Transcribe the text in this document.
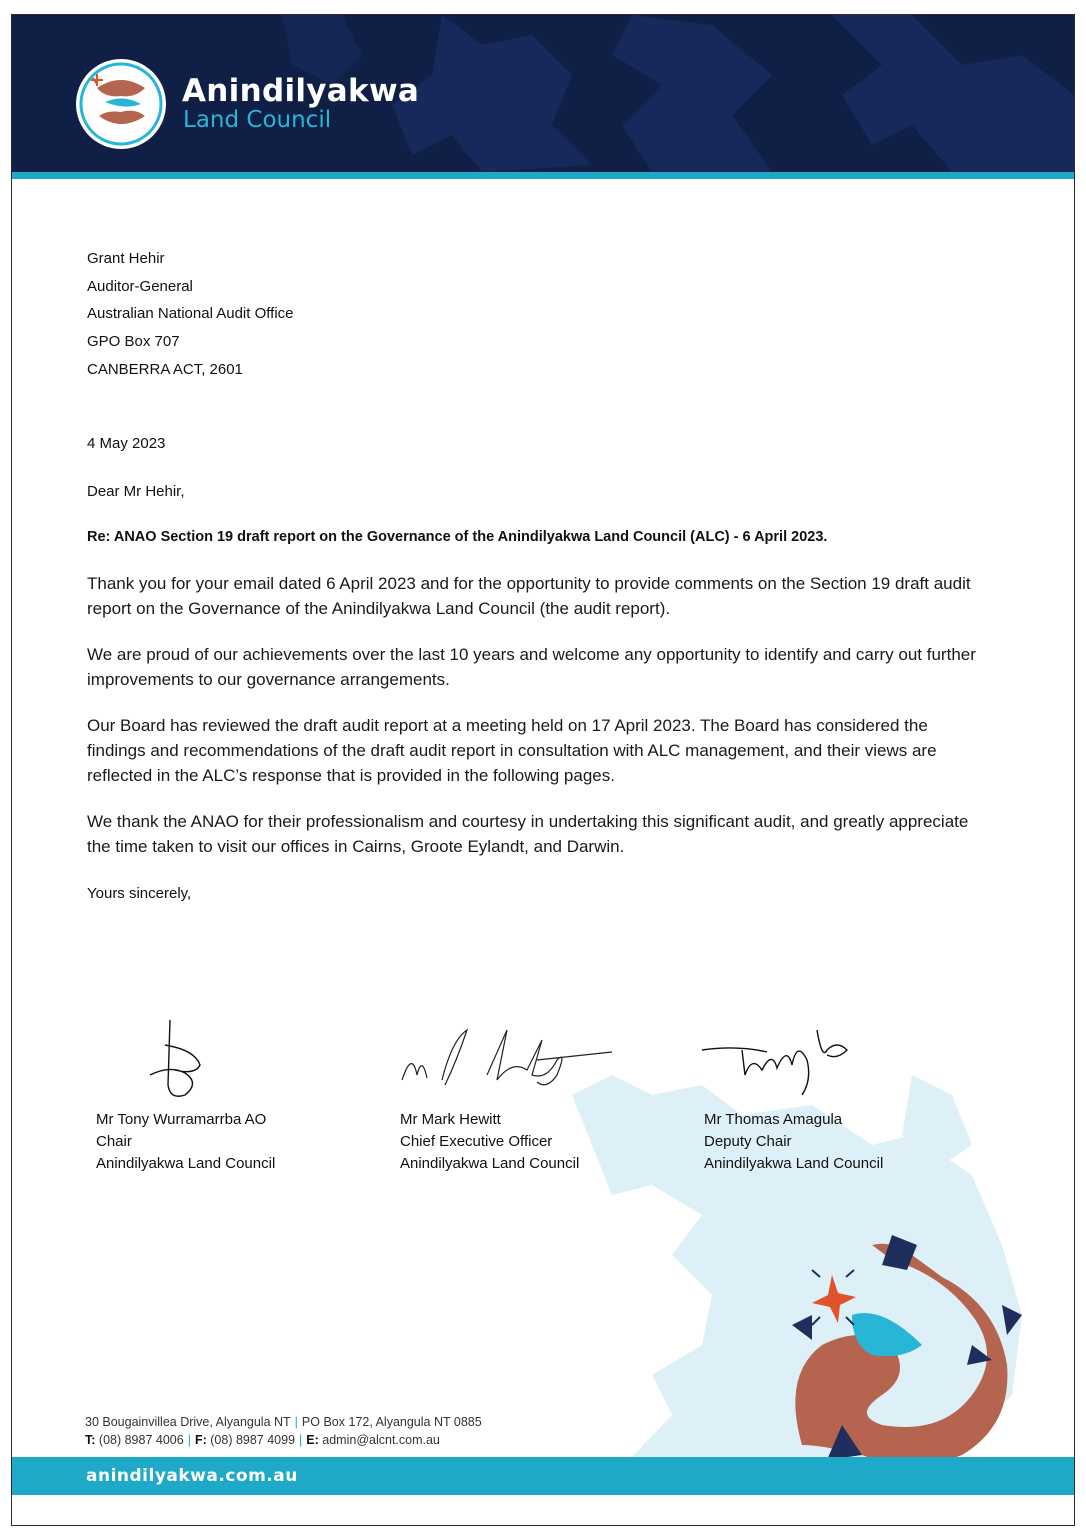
Anindilyakwa
Land Council
Grant Hehir
Auditor-General
Australian National Audit Office
GPO Box 707
CANBERRA ACT, 2601
4 May 2023
Dear Mr Hehir,
Re: ANAO Section 19 draft report on the Governance of the Anindilyakwa Land Council (ALC) - 6 April 2023.
Thank you for your email dated 6 April 2023 and for the opportunity to provide comments on the Section 19 draft audit report on the Governance of the Anindilyakwa Land Council (the audit report).
We are proud of our achievements over the last 10 years and welcome any opportunity to identify and carry out further improvements to our governance arrangements.
Our Board has reviewed the draft audit report at a meeting held on 17 April 2023. The Board has considered the findings and recommendations of the draft audit report in consultation with ALC management, and their views are reflected in the ALC’s response that is provided in the following pages.
We thank the ANAO for their professionalism and courtesy in undertaking this significant audit, and greatly appreciate the time taken to visit our offices in Cairns, Groote Eylandt, and Darwin.
Yours sincerely,
Mr Tony Wurramarrba AO
Chair
Anindilyakwa Land Council
Mr Mark Hewitt
Chief Executive Officer
Anindilyakwa Land Council
Mr Thomas Amagula
Deputy Chair
Anindilyakwa Land Council
30 Bougainvillea Drive, Alyangula NT | PO Box 172, Alyangula NT 0885
T: (08) 8987 4006 | F: (08) 8987 4099 | E: admin@alcnt.com.au
anindilyakwa.com.au
